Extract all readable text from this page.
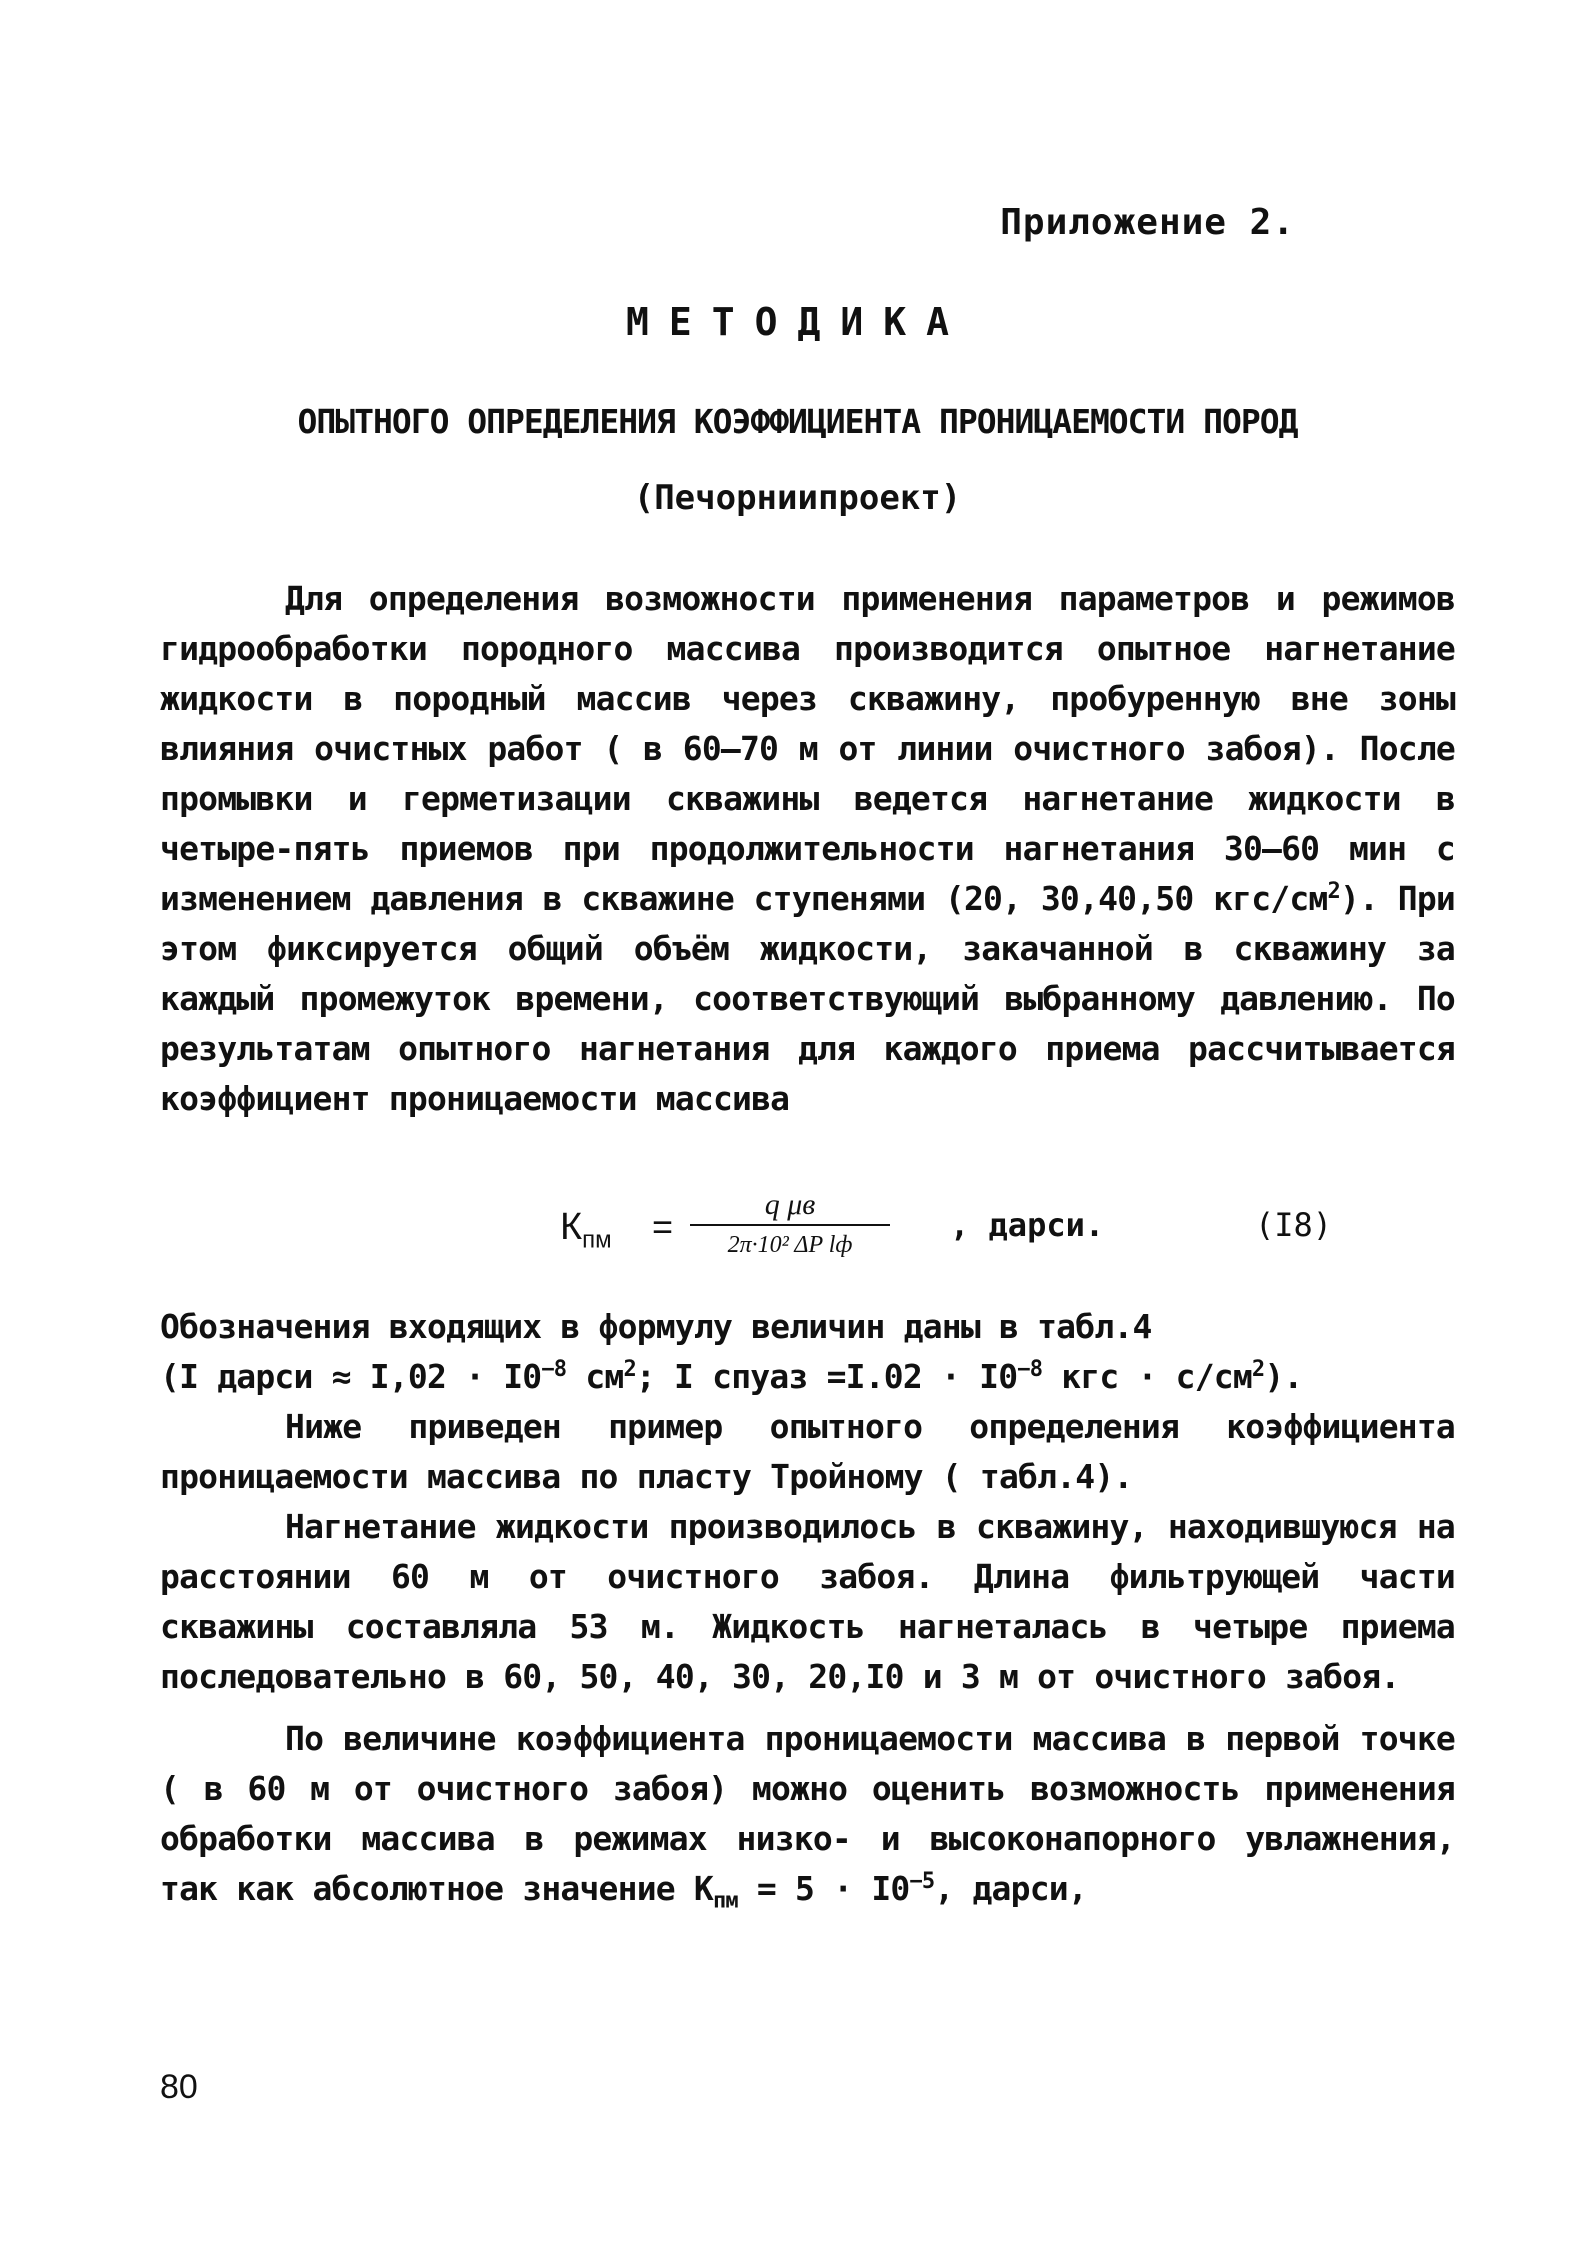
Приложение 2.
МЕТОДИКА
ОПЫТНОГО ОПРЕДЕЛЕНИЯ КОЭФФИЦИЕНТА ПРОНИЦАЕМОСТИ ПОРОД
(Печорниипроект)

Для определения возможности применения параметров и режимов гидрообработки породного массива производится опытное нагнетание жидкости в породный массив через скважину, пробуренную вне зоны влияния очистных работ ( в 60–70 м от линии очистного забоя). После промывки и герметизации скважины ведется нагнетание жидкости в четыре-пять приемов при продолжительности нагнетания 30–60 мин с изменением давления в скважине ступенями (20, 30,40,50 кгс/$см^2$). При этом фиксируется общий объём жидкости, закачанной в скважину за каждый промежуток времени, соответствующий выбранному давлению. По результатам опытного нагнетания для каждого приема рассчитывается коэффициент проницаемости массива

$К_{пм}$ =
q μв
2π·10² ΔP lф
, дарси.	(I8)
Обозначения входящих в формулу величин даны в табл.4
(I дарси ≈ $I,02 \cdot I0^{-8}$ $см^2$; I спуаз $=I.02 \cdot I0^{-8}$ кгс · $с/см^2$).

Ниже приведен пример опытного определения коэффициента проницаемости массива по пласту Тройному ( табл.4).

Нагнетание жидкости производилось в скважину, находившуюся на расстоянии 60 м от очистного забоя. Длина фильтрующей части скважины составляла 53 м. Жидкость нагнеталась в четыре приема последовательно в 60, 50, 40, 30, 20,I0 и 3 м от очистного забоя.

По величине коэффициента проницаемости массива в первой точке ( в 60 м от очистного забоя) можно оценить возможность применения обработки массива в режимах низко- и высоконапорного увлажнения, так как абсолютное значение $К_{пм} = 5 \cdot I0^{-5}$, дарси,

80
